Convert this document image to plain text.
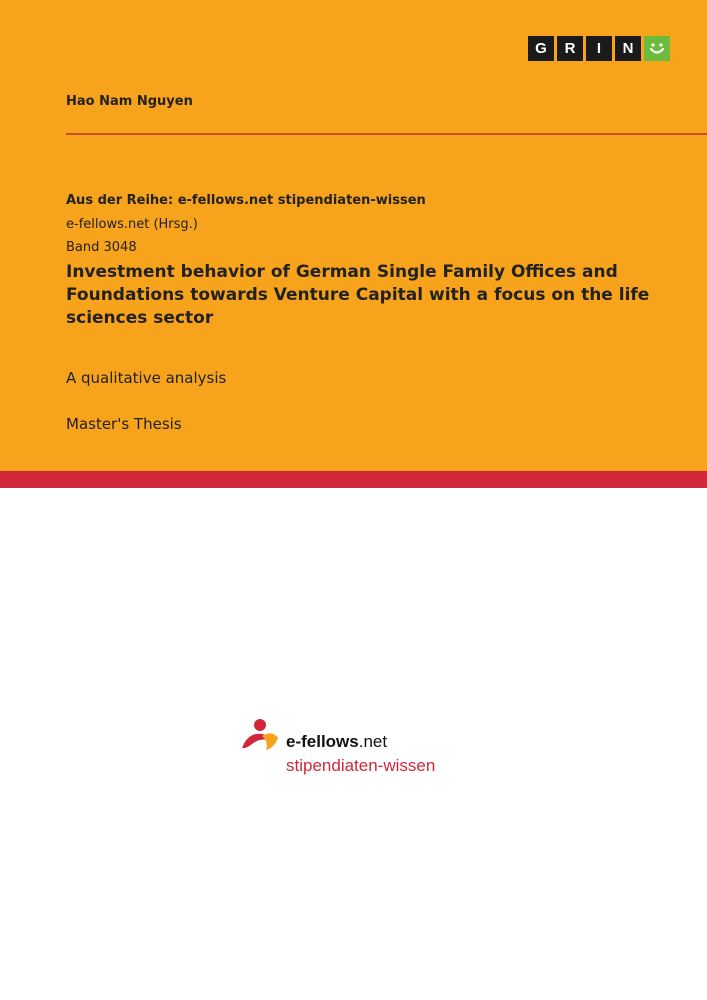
G	R	I	N
Hao Nam Nguyen
Aus der Reihe: e-fellows.net stipendiaten-wissen
e-fellows.net (Hrsg.)
Band 3048
Investment behavior of German Single Family Offices and Foundations towards Venture Capital with a focus on the life sciences sector
A qualitative analysis
Master's Thesis
e-fellows.net
stipendiaten-wissen
